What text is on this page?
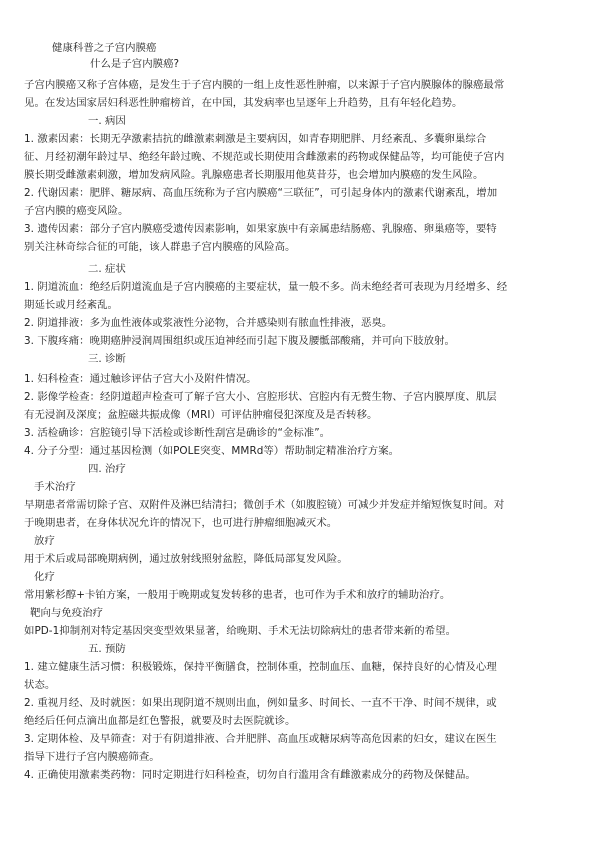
健康科普之子宫内膜癌
什么是子宫内膜癌?
子宫内膜癌又称子宫体癌，是发生于子宫内膜的一组上皮性恶性肿瘤，以来源于子宫内膜腺体的腺癌最常
见。在发达国家居妇科恶性肿瘤榜首，在中国，其发病率也呈逐年上升趋势，且有年轻化趋势。
一. 病因
1. 激素因素：长期无孕激素拮抗的雌激素刺激是主要病因，如青春期肥胖、月经紊乱、多囊卵巢综合
征、月经初潮年龄过早、绝经年龄过晚、不规范或长期使用含雌激素的药物或保健品等，均可能使子宫内
膜长期受雌激素刺激，增加发病风险。乳腺癌患者长期服用他莫昔芬，也会增加内膜癌的发生风险。
2. 代谢因素：肥胖、糖尿病、高血压统称为子宫内膜癌“三联征”，可引起身体内的激素代谢紊乱，增加
子宫内膜的癌变风险。
3. 遗传因素：部分子宫内膜癌受遗传因素影响，如果家族中有亲属患结肠癌、乳腺癌、卵巢癌等，要特
别关注林奇综合征的可能，该人群患子宫内膜癌的风险高。
二. 症状
1. 阴道流血：绝经后阴道流血是子宫内膜癌的主要症状，量一般不多。尚未绝经者可表现为月经增多、经
期延长或月经紊乱。
2. 阴道排液：多为血性液体或浆液性分泌物，合并感染则有脓血性排液，恶臭。
3. 下腹疼痛：晚期癌肿浸润周围组织或压迫神经而引起下腹及腰骶部酸痛，并可向下肢放射。
三. 诊断
1. 妇科检查：通过触诊评估子宫大小及附件情况。
2. 影像学检查：经阴道超声检查可了解子宫大小、宫腔形状、宫腔内有无赘生物、子宫内膜厚度、肌层
有无浸润及深度；盆腔磁共振成像（MRI）可评估肿瘤侵犯深度及是否转移。
3. 活检确诊：宫腔镜引导下活检或诊断性刮宫是确诊的“金标准”。
4. 分子分型：通过基因检测（如POLE突变、MMRd等）帮助制定精准治疗方案。
四. 治疗
手术治疗
早期患者常需切除子宫、双附件及淋巴结清扫；微创手术（如腹腔镜）可减少并发症并缩短恢复时间。对
于晚期患者，在身体状况允许的情况下，也可进行肿瘤细胞减灭术。
放疗
用于术后或局部晚期病例，通过放射线照射盆腔，降低局部复发风险。
化疗
常用紫杉醇+卡铂方案，一般用于晚期或复发转移的患者，也可作为手术和放疗的辅助治疗。
靶向与免疫治疗
如PD-1抑制剂对特定基因突变型效果显著，给晚期、手术无法切除病灶的患者带来新的希望。
五. 预防
1. 建立健康生活习惯：积极锻炼，保持平衡膳食，控制体重，控制血压、血糖，保持良好的心情及心理
状态。
2. 重视月经、及时就医：如果出现阴道不规则出血，例如量多、时间长、一直不干净、时间不规律，或
绝经后任何点滴出血都是红色警报，就要及时去医院就诊。
3. 定期体检、及早筛查：对于有阴道排液、合并肥胖、高血压或糖尿病等高危因素的妇女，建议在医生
指导下进行子宫内膜癌筛查。
4. 正确使用激素类药物：同时定期进行妇科检查，切勿自行滥用含有雌激素成分的药物及保健品。
